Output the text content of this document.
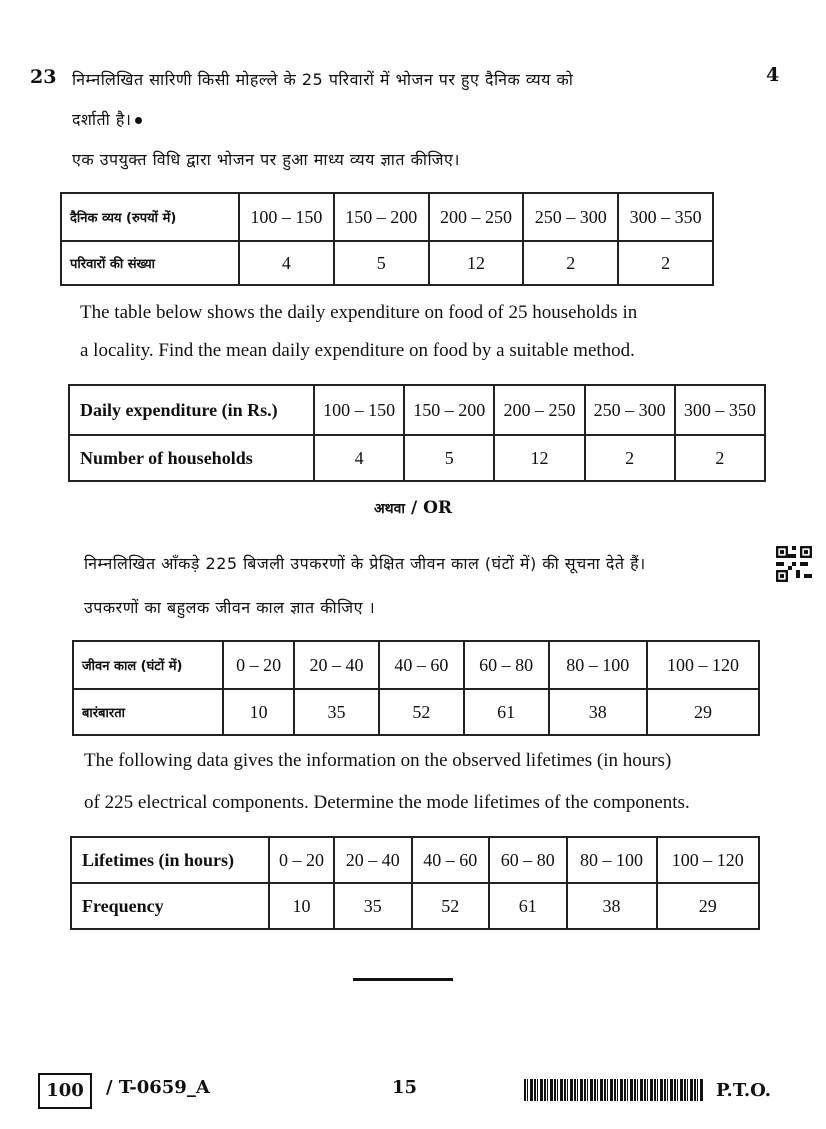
23	4
निम्नलिखित सारिणी किसी मोहल्ले के 25 परिवारों में भोजन पर हुए दैनिक व्यय को
दर्शाती है।
एक उपयुक्त विधि द्वारा भोजन पर हुआ माध्य व्यय ज्ञात कीजिए।
दैनिक व्यय (रुपयों में)	100 – 150	150 – 200	200 – 250	250 – 300	300 – 350
परिवारों की संख्या	4	5	12	2	2
The table below shows the daily expenditure on food of 25 households in
a locality. Find the mean daily expenditure on food by a suitable method.
Daily expenditure (in Rs.)	100 – 150	150 – 200	200 – 250	250 – 300	300 – 350
Number of households	4	5	12	2	2
अथवा / OR
निम्नलिखित आँकड़े 225 बिजली उपकरणों के प्रेक्षित जीवन काल (घंटों में) की सूचना देते हैं।
उपकरणों का बहुलक जीवन काल ज्ञात कीजिए ।
जीवन काल (घंटों में)	0 – 20	20 – 40	40 – 60	60 – 80	80 – 100	100 – 120
बारंबारता	10	35	52	61	38	29
The following data gives the information on the observed lifetimes (in hours)
of 225 electrical components. Determine the mode lifetimes of the components.
Lifetimes (in hours)	0 – 20	20 – 40	40 – 60	60 – 80	80 – 100	100 – 120
Frequency	10	35	52	61	38	29
100	/ T-0659_A	15	P.T.O.
